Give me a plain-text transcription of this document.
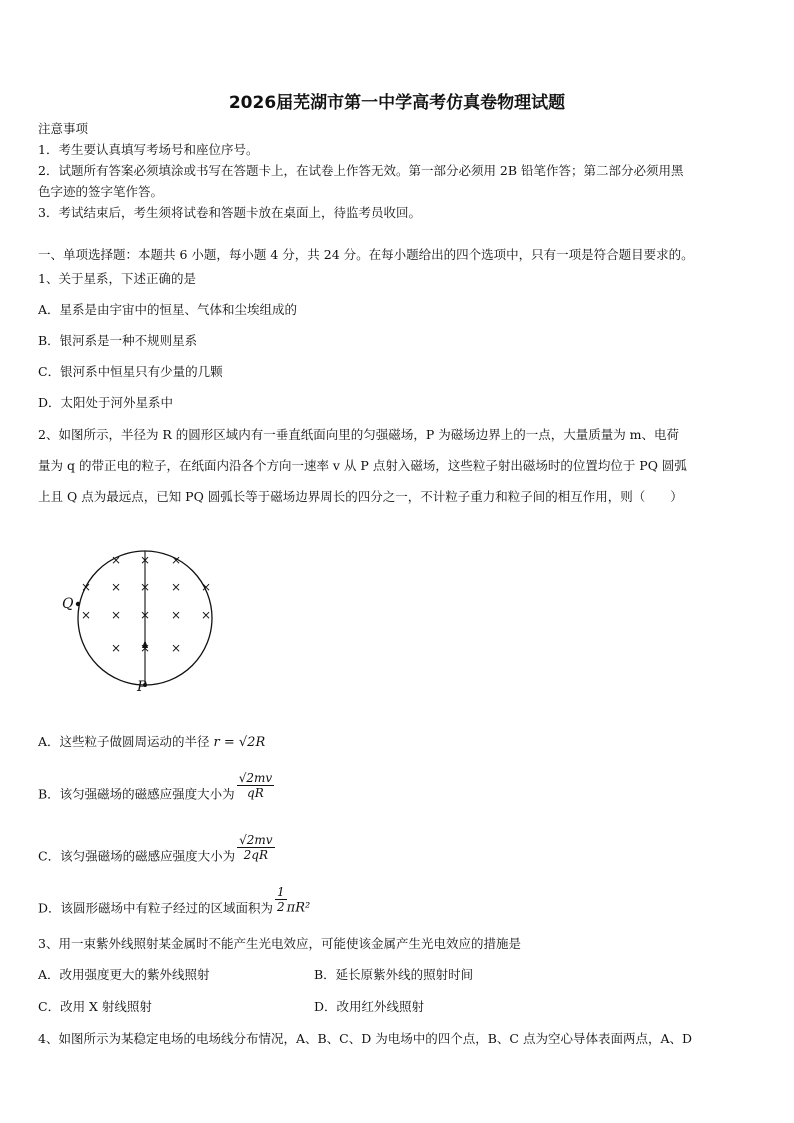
2026届芜湖市第一中学高考仿真卷物理试题
注意事项
1．考生要认真填写考场号和座位序号。
2．试题所有答案必须填涂或书写在答题卡上，在试卷上作答无效。第一部分必须用 2B 铅笔作答；第二部分必须用黑
色字迹的签字笔作答。
3．考试结束后，考生须将试卷和答题卡放在桌面上，待监考员收回。
一、单项选择题：本题共 6 小题，每小题 4 分，共 24 分。在每小题给出的四个选项中，只有一项是符合题目要求的。
1、关于星系，下述正确的是
A．星系是由宇宙中的恒星、气体和尘埃组成的
B．银河系是一种不规则星系
C．银河系中恒星只有少量的几颗
D．太阳处于河外星系中
2、如图所示，半径为 R 的圆形区域内有一垂直纸面向里的匀强磁场，P 为磁场边界上的一点，大量质量为 m、电荷
量为 q 的带正电的粒子，在纸面内沿各个方向一速率 v 从 P 点射入磁场，这些粒子射出磁场时的位置均位于 PQ 圆弧
上且 Q 点为最远点，已知 PQ 圆弧长等于磁场边界周长的四分之一，不计粒子重力和粒子间的相互作用，则（　　）
× × ×
× × × × ×
× × × × ×
× × ×
Q
P
A．这些粒子做圆周运动的半径 r = √2R
B．该匀强磁场的磁感应强度大小为 $\frac{√2mv}{qR}$
C．该匀强磁场的磁感应强度大小为 $\frac{√2mv}{2qR}$
D．该圆形磁场中有粒子经过的区域面积为 $\frac{1}{2} \pi R^2$
3、用一束紫外线照射某金属时不能产生光电效应，可能使该金属产生光电效应的措施是
A．改用强度更大的紫外线照射	B．延长原紫外线的照射时间
C．改用 X 射线照射	D．改用红外线照射
4、如图所示为某稳定电场的电场线分布情况，A、B、C、D 为电场中的四个点，B、C 点为空心导体表面两点，A、D
